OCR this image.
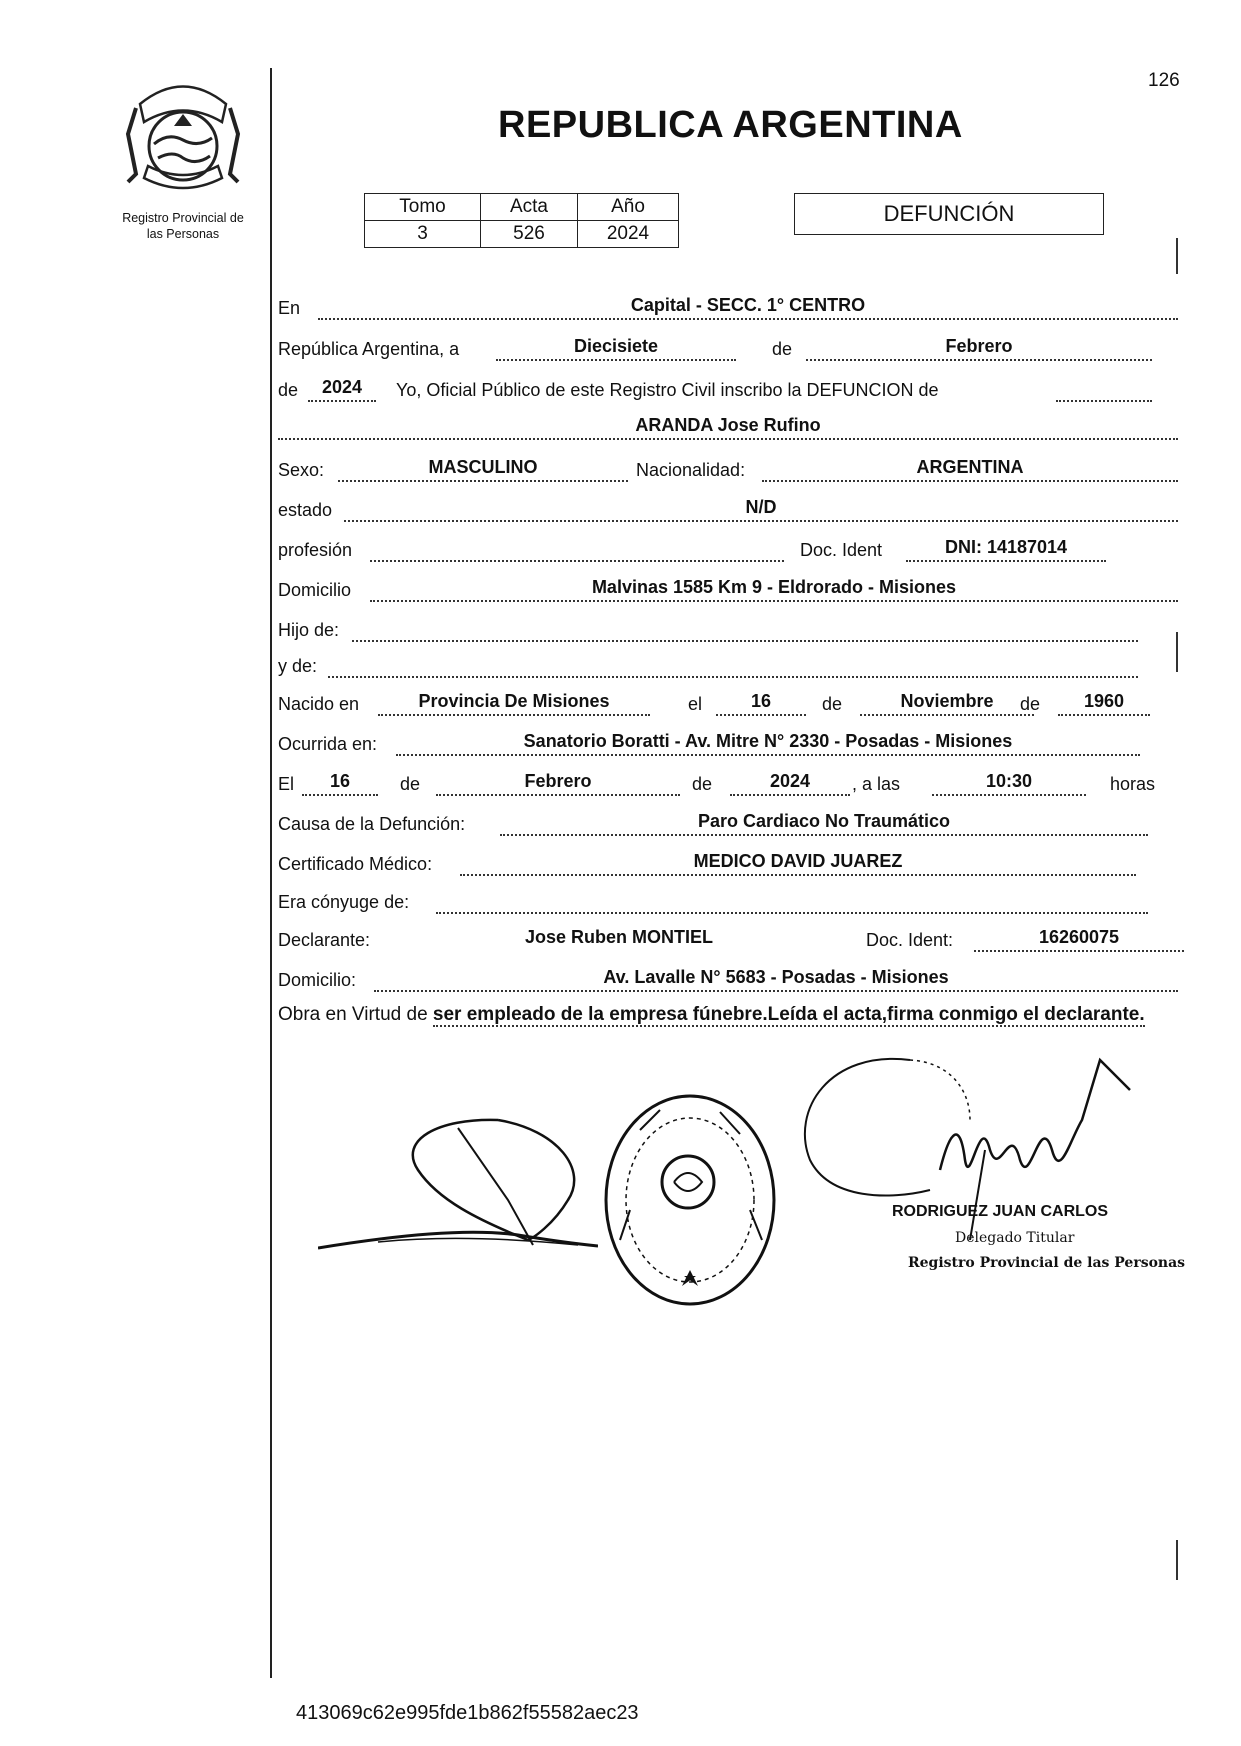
126
Registro Provincial de
las Personas
REPUBLICA ARGENTINA
Tomo	Acta	Año
3	526	2024
DEFUNCIÓN
En	Capital - SECC. 1° CENTRO
República Argentina, a	Diecisiete	de	Febrero
de	2024	Yo, Oficial Público de este Registro Civil inscribo la DEFUNCION de
ARANDA Jose Rufino
Sexo:	MASCULINO	Nacionalidad:	ARGENTINA
estado	N/D
profesión	Doc. Ident	DNI: 14187014
Domicilio	Malvinas 1585 Km 9 - Eldrorado - Misiones
Hijo de:
y de:
Nacido en	Provincia De Misiones	el	16	de	Noviembre	de	1960
Ocurrida en:	Sanatorio Boratti - Av. Mitre N° 2330 - Posadas - Misiones
El	16	de	Febrero	de	2024	, a las	10:30	horas
Causa de la Defunción:	Paro Cardiaco No Traumático
Certificado Médico:	MEDICO DAVID JUAREZ
Era cónyuge de:
Declarante:	Jose Ruben MONTIEL	Doc. Ident:	16260075
Domicilio:	Av. Lavalle N° 5683 - Posadas - Misiones
Obra en Virtud de ser empleado de la empresa fúnebre.Leída el acta,firma conmigo el declarante.
RODRIGUEZ JUAN CARLOS
Delegado Titular
Registro Provincial de las Personas
413069c62e995fde1b862f55582aec23
